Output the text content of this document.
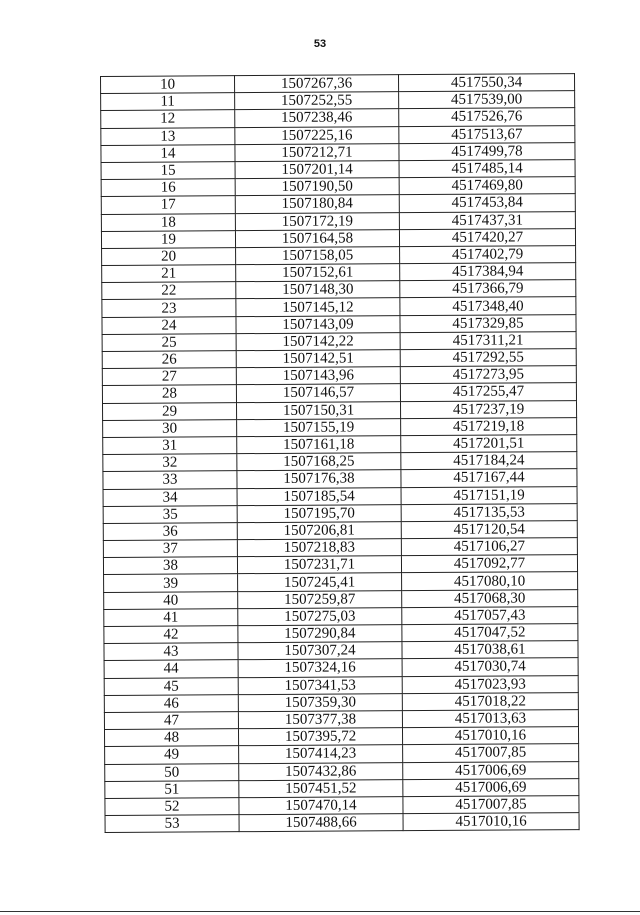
53
10	1507267,36	4517550,34
11	1507252,55	4517539,00
12	1507238,46	4517526,76
13	1507225,16	4517513,67
14	1507212,71	4517499,78
15	1507201,14	4517485,14
16	1507190,50	4517469,80
17	1507180,84	4517453,84
18	1507172,19	4517437,31
19	1507164,58	4517420,27
20	1507158,05	4517402,79
21	1507152,61	4517384,94
22	1507148,30	4517366,79
23	1507145,12	4517348,40
24	1507143,09	4517329,85
25	1507142,22	4517311,21
26	1507142,51	4517292,55
27	1507143,96	4517273,95
28	1507146,57	4517255,47
29	1507150,31	4517237,19
30	1507155,19	4517219,18
31	1507161,18	4517201,51
32	1507168,25	4517184,24
33	1507176,38	4517167,44
34	1507185,54	4517151,19
35	1507195,70	4517135,53
36	1507206,81	4517120,54
37	1507218,83	4517106,27
38	1507231,71	4517092,77
39	1507245,41	4517080,10
40	1507259,87	4517068,30
41	1507275,03	4517057,43
42	1507290,84	4517047,52
43	1507307,24	4517038,61
44	1507324,16	4517030,74
45	1507341,53	4517023,93
46	1507359,30	4517018,22
47	1507377,38	4517013,63
48	1507395,72	4517010,16
49	1507414,23	4517007,85
50	1507432,86	4517006,69
51	1507451,52	4517006,69
52	1507470,14	4517007,85
53	1507488,66	4517010,16
